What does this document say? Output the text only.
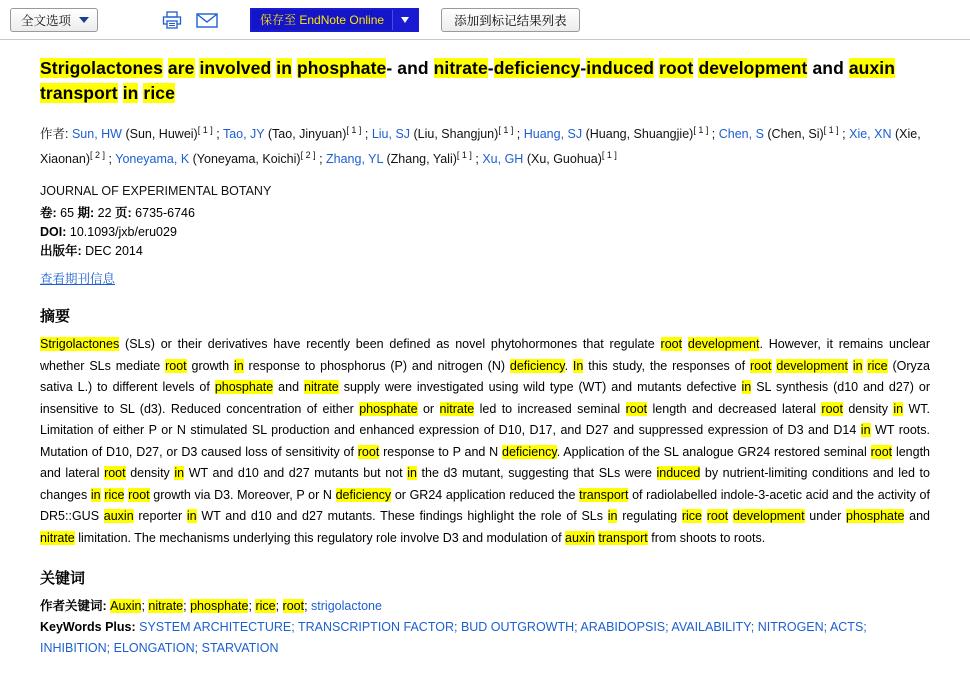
全文选项	保存至 EndNote Online	添加到标记结果列表
Strigolactones are involved in phosphate- and nitrate-deficiency-induced root development and auxin transport in rice
作者: Sun, HW (Sun, Huwei)[ 1 ] ; Tao, JY (Tao, Jinyuan)[ 1 ] ; Liu, SJ (Liu, Shangjun)[ 1 ] ; Huang, SJ (Huang, Shuangjie)[ 1 ] ; Chen, S (Chen, Si)[ 1 ] ; Xie, XN (Xie, Xiaonan)[ 2 ] ; Yoneyama, K (Yoneyama, Koichi)[ 2 ] ; Zhang, YL (Zhang, Yali)[ 1 ] ; Xu, GH (Xu, Guohua)[ 1 ]
JOURNAL OF EXPERIMENTAL BOTANY
卷: 65 期: 22 页: 6735-6746
DOI: 10.1093/jxb/eru029
出版年: DEC 2014
查看期刊信息
摘要
Strigolactones (SLs) or their derivatives have recently been defined as novel phytohormones that regulate root development. However, it remains unclear whether SLs mediate root growth in response to phosphorus (P) and nitrogen (N) deficiency. In this study, the responses of root development in rice (Oryza sativa L.) to different levels of phosphate and nitrate supply were investigated using wild type (WT) and mutants defective in SL synthesis (d10 and d27) or insensitive to SL (d3). Reduced concentration of either phosphate or nitrate led to increased seminal root length and decreased lateral root density in WT. Limitation of either P or N stimulated SL production and enhanced expression of D10, D17, and D27 and suppressed expression of D3 and D14 in WT roots. Mutation of D10, D27, or D3 caused loss of sensitivity of root response to P and N deficiency. Application of the SL analogue GR24 restored seminal root length and lateral root density in WT and d10 and d27 mutants but not in the d3 mutant, suggesting that SLs were induced by nutrient-limiting conditions and led to changes in rice root growth via D3. Moreover, P or N deficiency or GR24 application reduced the transport of radiolabelled indole-3-acetic acid and the activity of DR5::GUS auxin reporter in WT and d10 and d27 mutants. These findings highlight the role of SLs in regulating rice root development under phosphate and nitrate limitation. The mechanisms underlying this regulatory role involve D3 and modulation of auxin transport from shoots to roots.
关键词
作者关键词: Auxin; nitrate; phosphate; rice; root; strigolactone
KeyWords Plus: SYSTEM ARCHITECTURE; TRANSCRIPTION FACTOR; BUD OUTGROWTH; ARABIDOPSIS; AVAILABILITY; NITROGEN; ACTS; INHIBITION; ELONGATION; STARVATION
